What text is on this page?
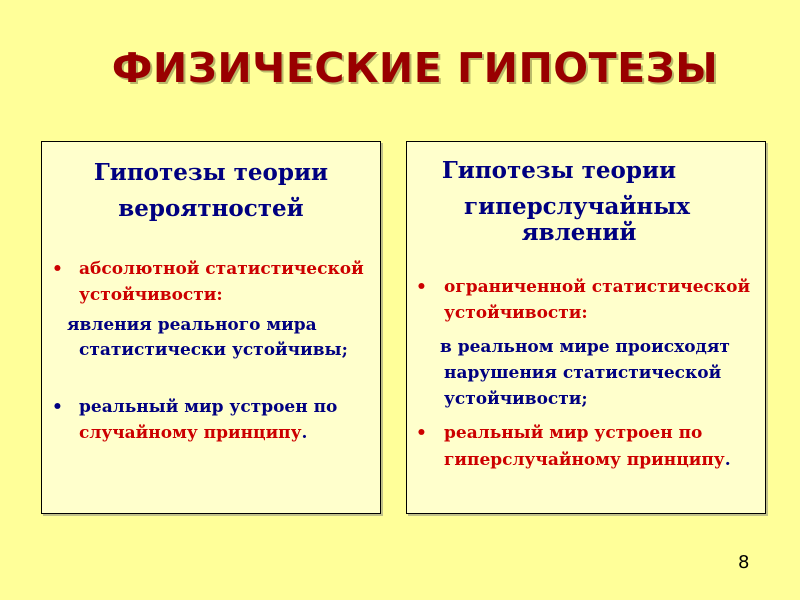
ФИЗИЧЕСКИЕ ГИПОТЕЗЫ
Гипотезы теории
вероятностей
• абсолютной статистической
устойчивости:
явления реального мира
статистически устойчивы;
• реальный мир устроен по
случайному принципу.
Гипотезы теории
гиперслучайных
явлений
• ограниченной статистической
устойчивости:
в реальном мире происходят
нарушения статистической
устойчивости;
• реальный мир устроен по
гиперслучайному принципу.
8
